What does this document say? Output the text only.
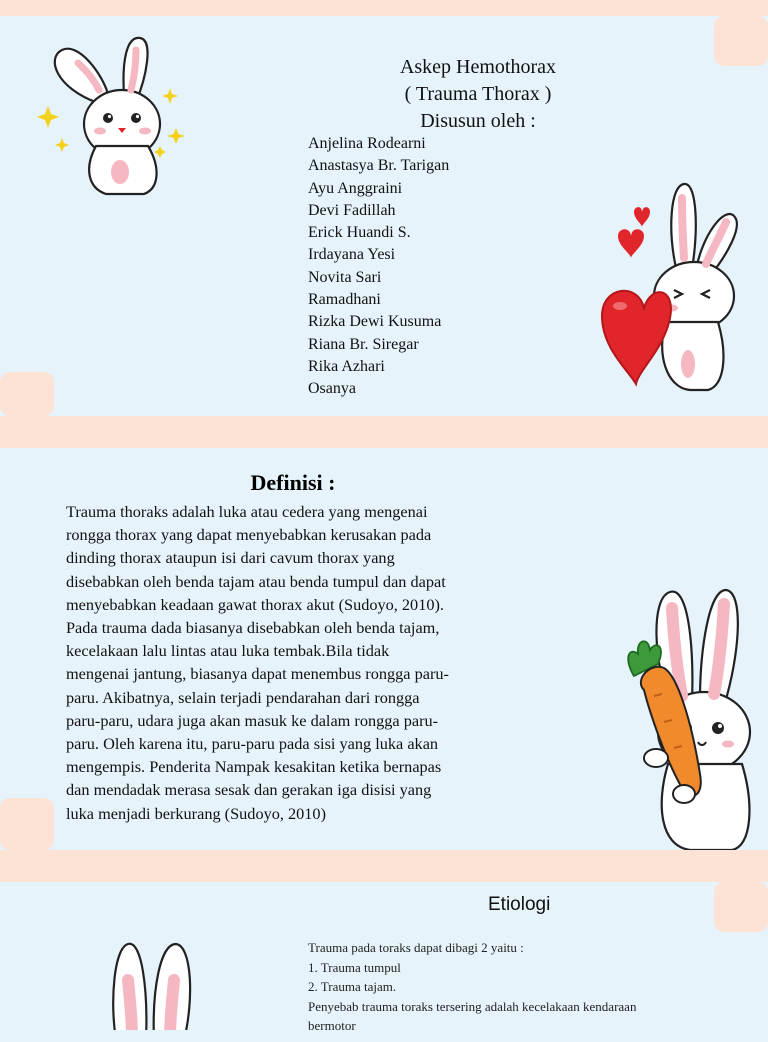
Askep Hemothorax
( Trauma Thorax )
Disusun oleh :
Anjelina Rodearni
Anastasya Br. Tarigan
Ayu Anggraini
Devi Fadillah
Erick Huandi S.
Irdayana Yesi
Novita Sari
Ramadhani
Rizka Dewi Kusuma
Riana Br. Siregar
Rika Azhari
Osanya
Definisi :

Trauma thoraks adalah luka atau cedera yang mengenai
rongga thorax yang dapat menyebabkan kerusakan pada
dinding thorax ataupun isi dari cavum thorax yang
disebabkan oleh benda tajam atau benda tumpul dan dapat
menyebabkan keadaan gawat thorax akut (Sudoyo, 2010).
Pada trauma dada biasanya disebabkan oleh benda tajam,
kecelakaan lalu lintas atau luka tembak.Bila tidak
mengenai jantung, biasanya dapat menembus rongga paru-
paru. Akibatnya, selain terjadi pendarahan dari rongga
paru-paru, udara juga akan masuk ke dalam rongga paru-
paru. Oleh karena itu, paru-paru pada sisi yang luka akan
mengempis. Penderita Nampak kesakitan ketika bernapas
dan mendadak merasa sesak dan gerakan iga disisi yang
luka menjadi berkurang (Sudoyo, 2010)

Etiologi
Trauma pada toraks dapat dibagi 2 yaitu :
1. Trauma tumpul
2. Trauma tajam.
Penyebab trauma toraks tersering adalah kecelakaan kendaraan
bermotor
